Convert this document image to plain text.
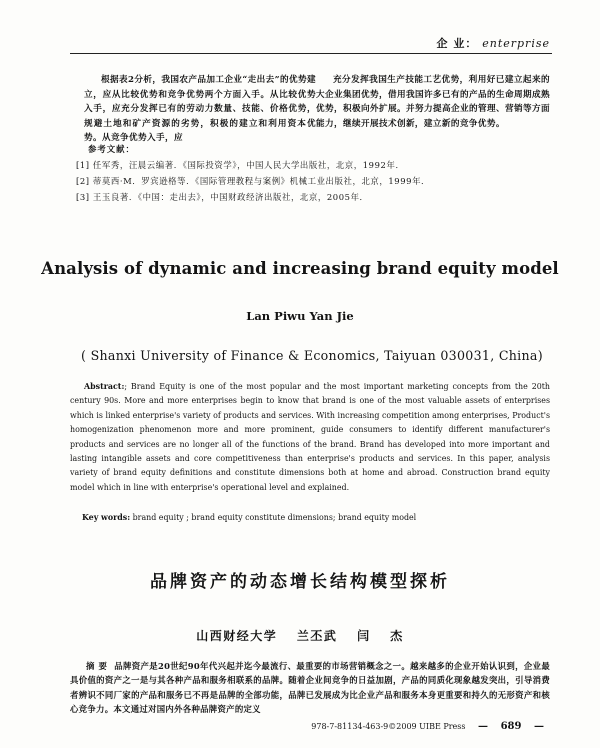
企 业： enterprise
根据表2分析，我国农产品加工企业“走出去”的优势建立，应从比较优势和竞争优势两个方面入手。从比较优势入手，应充分发挥已有的劳动力数量、技能、价格优势，规避土地和矿产资源的劣势，积极的建立和利用资本优势。从竞争优势入手，应
充分发挥我国生产技能工艺优势，利用好已建立起来的大企业集团优势，借用我国许多已有的产品的生命周期成熟优势，积极向外扩展。并努力提高企业的管理、营销等方面能力，继续开展技术创新，建立新的竞争优势。
参考文献：
[1] 任军秀，汪晨云编著．《国际投资学》，中国人民大学出版社，北京，1992年．
[2] 蒂莫西·M．罗宾逊格等．《国际管理教程与案例》机械工业出版社，北京，1999年．
[3] 王玉良著．《中国：走出去》，中国财政经济出版社，北京，2005年．
Analysis of dynamic and increasing brand equity model
Lan Piwu Yan Jie
( Shanxi University of Finance & Economics, Taiyuan 030031, China)
Abstract:; Brand Equity is one of the most popular and the most important marketing concepts from the 20th century 90s. More and more enterprises begin to know that brand is one of the most valuable assets of enterprises which is linked enterprise's variety of products and services. With increasing competition among enterprises, Product's homogenization phenomenon more and more prominent, guide consumers to identify different manufacturer's products and services are no longer all of the functions of the brand. Brand has developed into more important and lasting intangible assets and core competitiveness than enterprise's products and services. In this paper, analysis variety of brand equity definitions and constitute dimensions both at home and abroad. Construction brand equity model which in line with enterprise's operational level and explained.
Key words: brand equity ; brand equity constitute dimensions; brand equity model
品牌资产的动态增长结构模型探析
山西财经大学 兰丕武 闫 杰
摘要 品牌资产是20世纪90年代兴起并迄今最流行、最重要的市场营销概念之一。越来越多的企业开始认识到，企业最具价值的资产之一是与其各种产品和服务相联系的品牌。随着企业间竞争的日益加剧，产品的同质化现象越发突出，引导消费者辨识不同厂家的产品和服务已不再是品牌的全部功能，品牌已发展成为比企业产品和服务本身更重要和持久的无形资产和核心竞争力。本文通过对国内外各种品牌资产的定义
978-7-81134-463-9©2009 UIBE Press — 689 —
